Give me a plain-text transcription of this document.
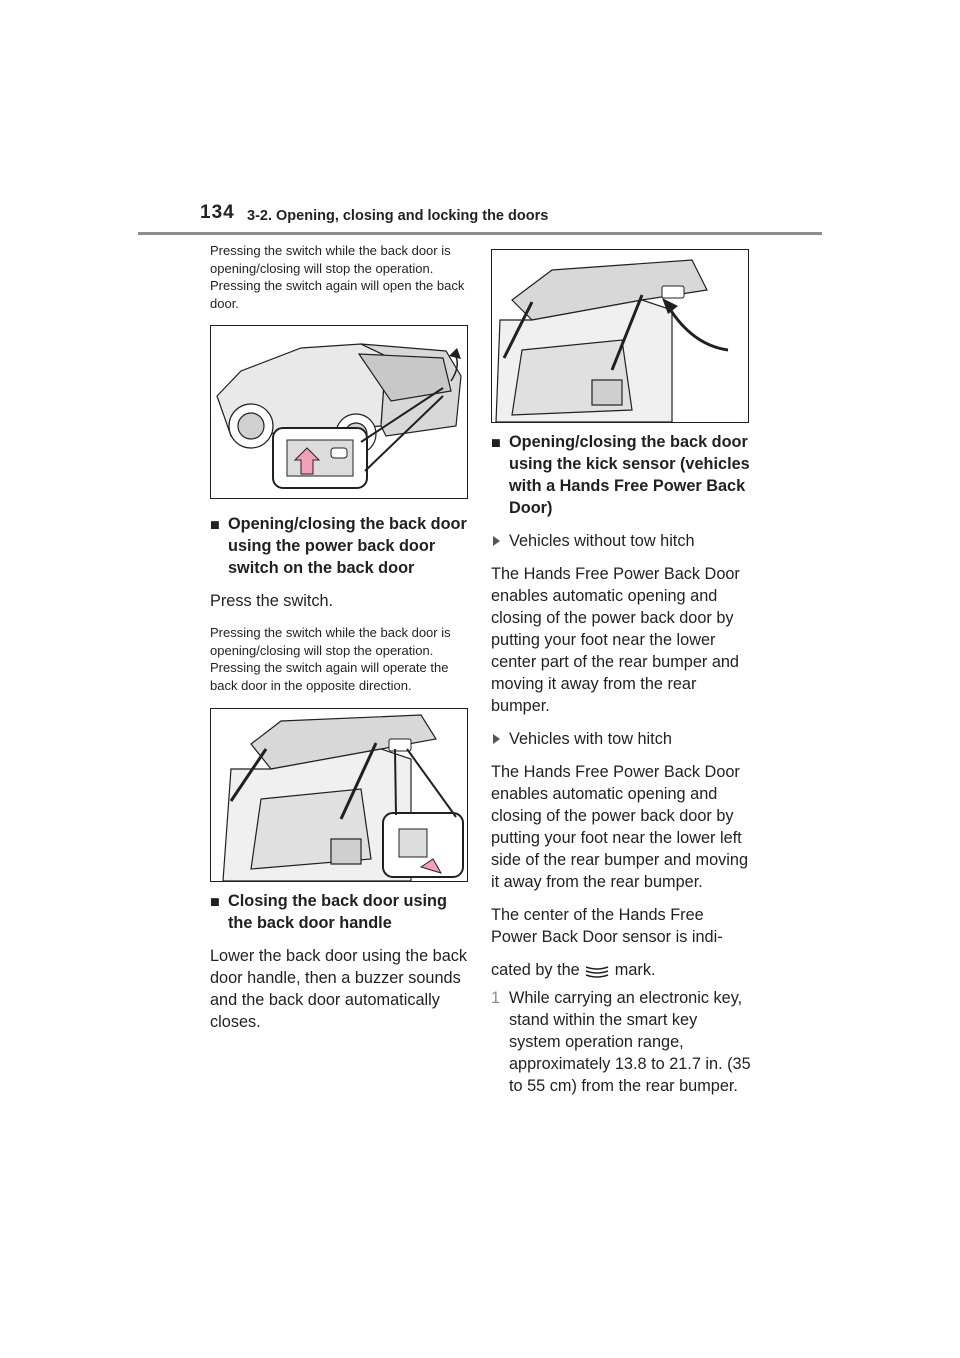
134 3-2. Opening, closing and locking the doors

Pressing the switch while the back door is opening/closing will stop the operation. Pressing the switch again will open the back door.

■ Opening/closing the back door using the power back door switch on the back door

Press the switch.

Pressing the switch while the back door is opening/closing will stop the operation. Pressing the switch again will operate the back door in the opposite direction.

■ Closing the back door using the back door handle

Lower the back door using the back door handle, then a buzzer sounds and the back door automatically closes.

■ Opening/closing the back door using the kick sensor (vehicles with a Hands Free Power Back Door)

Vehicles without tow hitch

The Hands Free Power Back Door enables automatic opening and closing of the power back door by putting your foot near the lower center part of the rear bumper and moving it away from the rear bumper.

Vehicles with tow hitch

The Hands Free Power Back Door enables automatic opening and closing of the power back door by putting your foot near the lower left side of the rear bumper and moving it away from the rear bumper.

The center of the Hands Free Power Back Door sensor is indi-

cated by the mark.

1 While carrying an electronic key, stand within the smart key system operation range, approximately 13.8 to 21.7 in. (35 to 55 cm) from the rear bumper.
